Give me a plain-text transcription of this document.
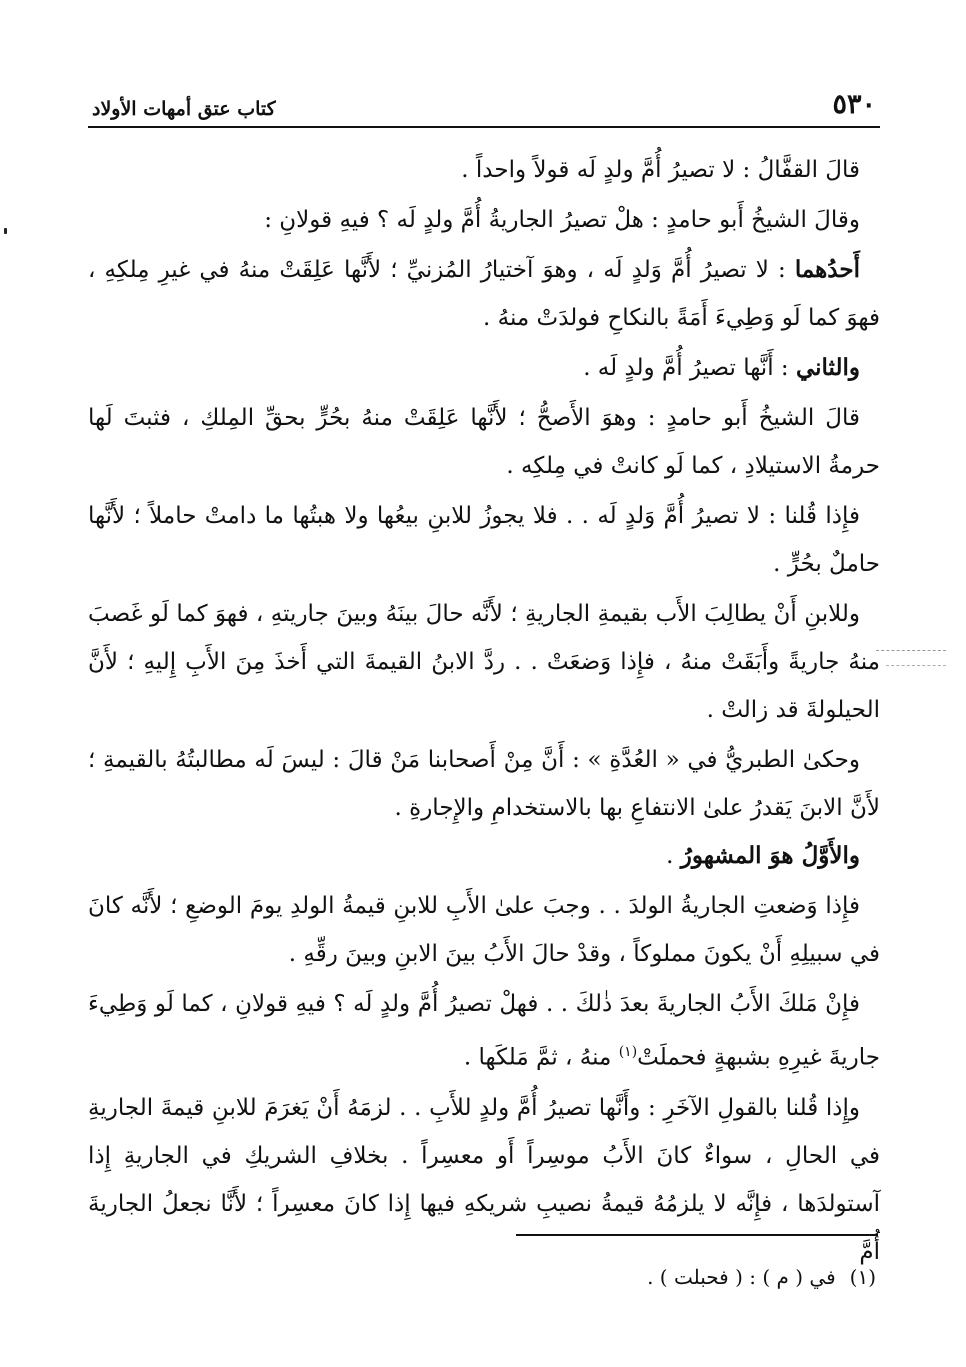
٥٣٠
كتاب عتق أمهات الأولاد

قالَ القفَّالُ : لا تصيرُ أُمَّ ولدٍ لَه قولاً واحداً .

وقالَ الشيخُ أَبو حامدٍ : هلْ تصيرُ الجاريةُ أُمَّ ولدٍ لَه ؟ فيهِ قولانِ :

أَحدُهما : لا تصيرُ أُمَّ وَلدٍ لَه ، وهوَ آختيارُ المُزنيِّ ؛ لأَنَّها عَلِقَتْ منهُ في غيرِ مِلكِهِ ، فهوَ كما لَو وَطِيءَ أَمَةً بالنكاحِ فولدَتْ منهُ .

والثاني : أَنَّها تصيرُ أُمَّ ولدٍ لَه .

قالَ الشيخُ أَبو حامدٍ : وهوَ الأَصحُّ ؛ لأَنَّها عَلِقَتْ منهُ بحُرٍّ بحقِّ المِلكِ ، فثبتَ لَها حرمةُ الاستيلادِ ، كما لَو كانتْ في مِلكِه .

فإِذا قُلنا : لا تصيرُ أُمَّ وَلدٍ لَه . . فلا يجوزُ للابنِ بيعُها ولا هبتُها ما دامتْ حاملاً ؛ لأَنَّها حاملٌ بحُرٍّ .

وللابنِ أَنْ يطالِبَ الأَب بقيمةِ الجاريةِ ؛ لأَنَّه حالَ بينَهُ وبينَ جاريتهِ ، فهوَ كما لَو غَصبَ منهُ جاريةً وأَبَقَتْ منهُ ، فإِذا وَضعَتْ . . ردَّ الابنُ القيمةَ التي أَخذَ مِنَ الأَبِ إِليهِ ؛ لأَنَّ الحيلولةَ قد زالتْ .

وحكىٰ الطبريُّ في « العُدَّةِ » : أَنَّ مِنْ أَصحابنا مَنْ قالَ : ليسَ لَه مطالبتُهُ بالقيمةِ ؛ لأَنَّ الابنَ يَقدرُ علىٰ الانتفاعِ بها بالاستخدامِ والإِجارةِ .

والأَوَّلُ هوَ المشهورُ .

فإِذا وَضعتِ الجاريةُ الولدَ . . وجبَ علىٰ الأَبِ للابنِ قيمةُ الولدِ يومَ الوضعِ ؛ لأَنَّه كانَ في سبيلِهِ أَنْ يكونَ مملوكاً ، وقدْ حالَ الأَبُ بينَ الابنِ وبينَ رقِّهِ .

فإِنْ مَلكَ الأَبُ الجاريةَ بعدَ ذٰلكَ . . فهلْ تصيرُ أُمَّ ولدٍ لَه ؟ فيهِ قولانِ ، كما لَو وَطِيءَ جاريةَ غيرِهِ بشبهةٍ فحملَتْ$^{(١)}$ منهُ ، ثمَّ مَلكَها .

وإِذا قُلنا بالقولِ الآخَرِ : وأَنَّها تصيرُ أُمَّ ولدٍ للأَبِ . . لزمَهُ أَنْ يَغرَمَ للابنِ قيمةَ الجاريةِ في الحالِ ، سواءٌ كانَ الأَبُ موسِراً أَو معسِراً . بخلافِ الشريكِ في الجاريةِ إِذا آستولدَها ، فإِنَّه لا يلزمُهُ قيمةُ نصيبِ شريكهِ فيها إِذا كانَ معسِراً ؛ لأَنَّا نجعلُ الجاريةَ أُمَّ

(١)في ( م ) : ( فحبلت ) .
